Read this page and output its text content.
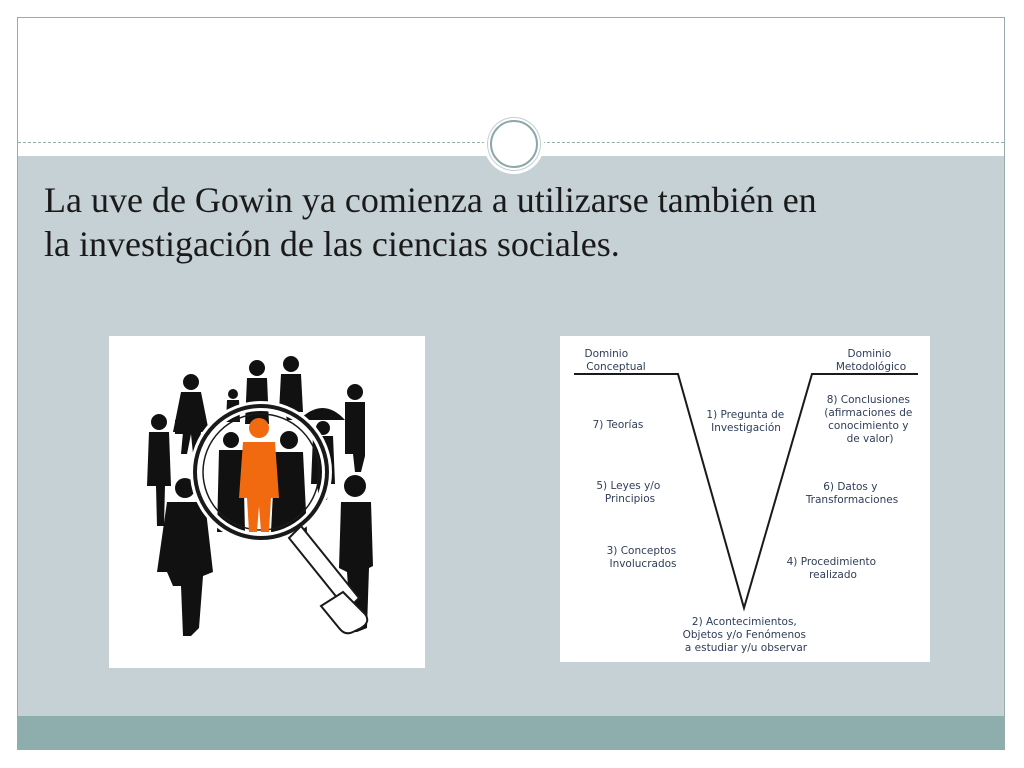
La uve de Gowin ya comienza a utilizarse también en
la investigación de las ciencias sociales.
Dominio Conceptual
Dominio Metodológico
1) Pregunta de Investigación
7) Teorías
8) Conclusiones (afirmaciones de conocimiento y de valor)
5) Leyes y/o Principios
6) Datos y Transformaciones
3) Conceptos Involucrados	4) Procedimiento realizado
2) Acontecimientos, Objetos y/o Fenómenos a estudiar y/u observar
